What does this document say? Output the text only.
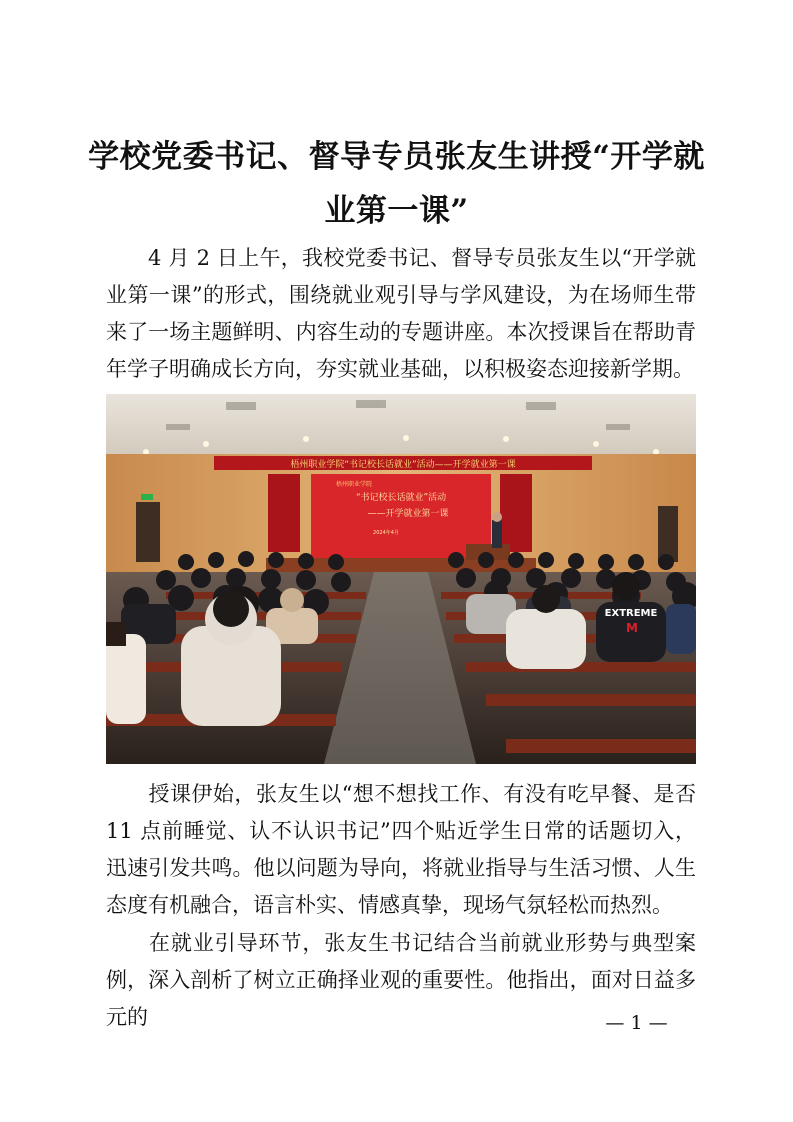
学校党委书记、督导专员张友生讲授“开学就
业第一课”
4 月 2 日上午，我校党委书记、督导专员张友生以“开学就业第一课”的形式，围绕就业观引导与学风建设，为在场师生带来了一场主题鲜明、内容生动的专题讲座。本次授课旨在帮助青年学子明确成长方向，夯实就业基础，以积极姿态迎接新学期。
梧州职业学院“书记校长话就业”活动——开学就业第一课
梧州职业学院
“书记校长话就业”活动
——开学就业第一课
2024年4月
EXTREME
M
授课伊始，张友生以“想不想找工作、有没有吃早餐、是否 11 点前睡觉、认不认识书记”四个贴近学生日常的话题切入，迅速引发共鸣。他以问题为导向，将就业指导与生活习惯、人生态度有机融合，语言朴实、情感真挚，现场气氛轻松而热烈。
在就业引导环节，张友生书记结合当前就业形势与典型案例，深入剖析了树立正确择业观的重要性。他指出，面对日益多元的	— 1 —
